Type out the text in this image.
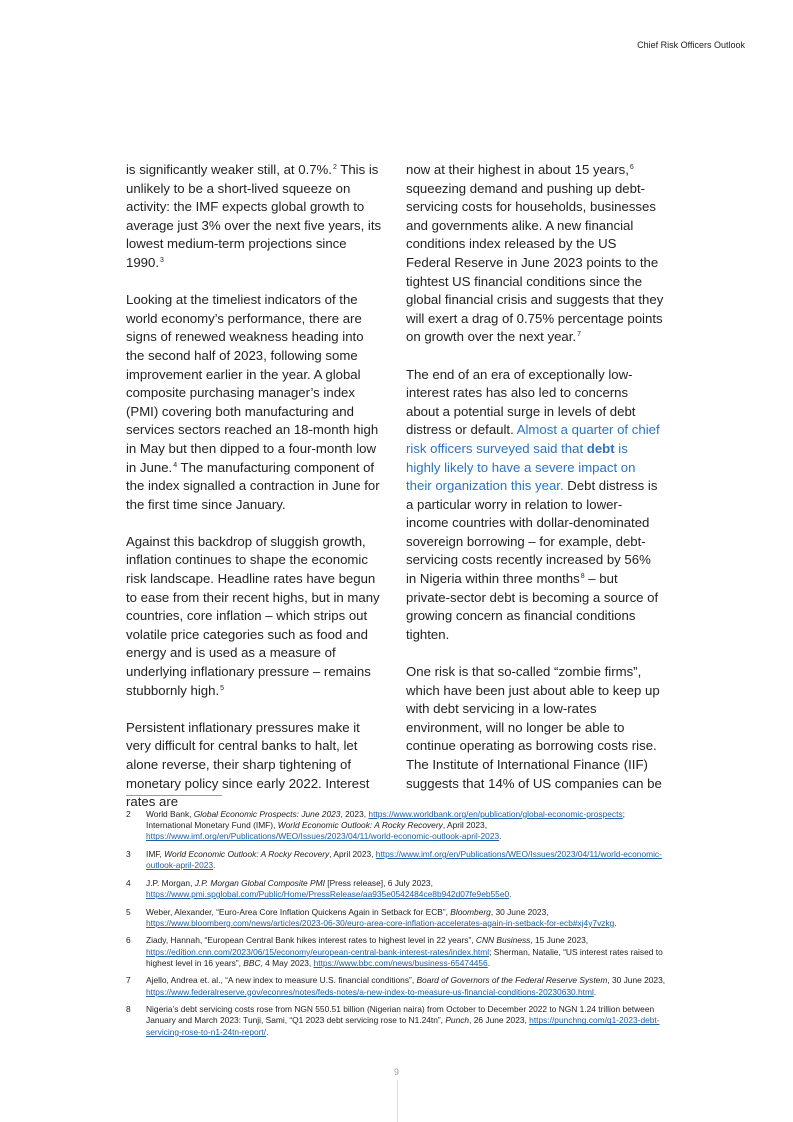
Chief Risk Officers Outlook

is significantly weaker still, at 0.7%.$^2$ This is unlikely to be a short-lived squeeze on activity: the IMF expects global growth to average just 3% over the next five years, its lowest medium-term projections since 1990.$^3$

Looking at the timeliest indicators of the world economy’s performance, there are signs of renewed weakness heading into the second half of 2023, following some improvement earlier in the year. A global composite purchasing manager’s index (PMI) covering both manufacturing and services sectors reached an 18-month high in May but then dipped to a four-month low in June.$^4$ The manufacturing component of the index signalled a contraction in June for the first time since January.

Against this backdrop of sluggish growth, inflation continues to shape the economic risk landscape. Headline rates have begun to ease from their recent highs, but in many countries, core inflation – which strips out volatile price categories such as food and energy and is used as a measure of underlying inflationary pressure – remains stubbornly high.$^5$

Persistent inflationary pressures make it very difficult for central banks to halt, let alone reverse, their sharp tightening of monetary policy since early 2022. Interest rates are

now at their highest in about 15 years,$^6$ squeezing demand and pushing up debt-servicing costs for households, businesses and governments alike. A new financial conditions index released by the US Federal Reserve in June 2023 points to the tightest US financial conditions since the global financial crisis and suggests that they will exert a drag of 0.75% percentage points on growth over the next year.$^7$

The end of an era of exceptionally low-interest rates has also led to concerns about a potential surge in levels of debt distress or default. Almost a quarter of chief risk officers surveyed said that debt is highly likely to have a severe impact on their organization this year. Debt distress is a particular worry in relation to lower-income countries with dollar-denominated sovereign borrowing – for example, debt-servicing costs recently increased by 56% in Nigeria within three months$^8$ – but private-sector debt is becoming a source of growing concern as financial conditions tighten.

One risk is that so-called “zombie firms”, which have been just about able to keep up with debt servicing in a low-rates environment, will no longer be able to continue operating as borrowing costs rise. The Institute of International Finance (IIF) suggests that 14% of US companies can be

2	World Bank, Global Economic Prospects: June 2023, 2023, https://www.worldbank.org/en/publication/global-economic-prospects; International Monetary Fund (IMF), World Economic Outlook: A Rocky Recovery, April 2023, https://www.imf.org/en/Publications/WEO/Issues/2023/04/11/world-economic-outlook-april-2023.
3	IMF, World Economic Outlook: A Rocky Recovery, April 2023, https://www.imf.org/en/Publications/WEO/Issues/2023/04/11/world-economic-outlook-april-2023.
4	J.P. Morgan, J.P. Morgan Global Composite PMI [Press release], 6 July 2023, https://www.pmi.spglobal.com/Public/Home/PressRelease/aa935e0542484ce8b942d07fe9eb55e0.
5	Weber, Alexander, “Euro-Area Core Inflation Quickens Again in Setback for ECB”, Bloomberg, 30 June 2023, https://www.bloomberg.com/news/articles/2023-06-30/euro-area-core-inflation-accelerates-again-in-setback-for-ecb#xj4y7vzkg.
6	Ziady, Hannah, “European Central Bank hikes interest rates to highest level in 22 years”, CNN Business, 15 June 2023, https://edition.cnn.com/2023/06/15/economy/european-central-bank-interest-rates/index.html; Sherman, Natalie, “US interest rates raised to highest level in 16 years”, BBC, 4 May 2023, https://www.bbc.com/news/business-65474456.
7	Ajello, Andrea et. al., “A new index to measure U.S. financial conditions”, Board of Governors of the Federal Reserve System, 30 June 2023, https://www.federalreserve.gov/econres/notes/feds-notes/a-new-index-to-measure-us-financial-conditions-20230630.html.
8	Nigeria’s debt servicing costs rose from NGN 550.51 billion (Nigerian naira) from October to December 2022 to NGN 1.24 trillion between January and March 2023: Tunji, Sami, “Q1 2023 debt servicing rose to N1.24tn”, Punch, 26 June 2023, https://punchng.com/q1-2023-debt-servicing-rose-to-n1-24tn-report/.
9
